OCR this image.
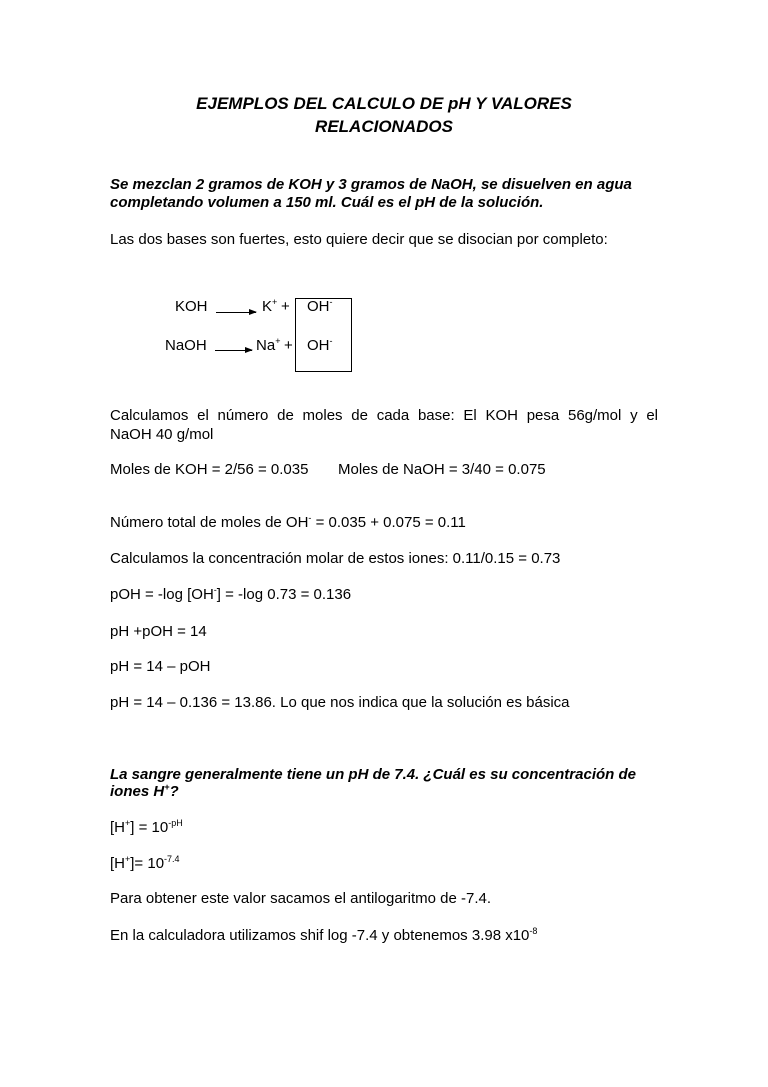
EJEMPLOS DEL CALCULO DE pH Y VALORES
RELACIONADOS
Se mezclan 2 gramos de KOH y 3 gramos de NaOH, se disuelven en agua
completando volumen a 150 ml. Cuál es el pH de la solución.
Las dos bases son fuertes, esto quiere decir que se disocian por completo:
KOH → K+ + OH-
NaOH → Na+ + OH-
Calculamos el número de moles de cada base: El KOH pesa 56g/mol y el
NaOH 40 g/mol
Moles de KOH = 2/56 = 0.035 Moles de NaOH = 3/40 = 0.075
Número total de moles de OH- = 0.035 + 0.075 = 0.11
Calculamos la concentración molar de estos iones: 0.11/0.15 = 0.73
pOH = -log [OH-] = -log 0.73 = 0.136
pH +pOH = 14
pH = 14 – pOH
pH = 14 – 0.136 = 13.86. Lo que nos indica que la solución es básica
La sangre generalmente tiene un pH de 7.4. ¿Cuál es su concentración de
iones H+?
$[H^+] = 10^{-pH}$
$[H^+]= 10^{-7.4}$
Para obtener este valor sacamos el antilogaritmo de -7.4.
En la calculadora utilizamos shif log -7.4 y obtenemos 3.98 $x10^{-8}$
